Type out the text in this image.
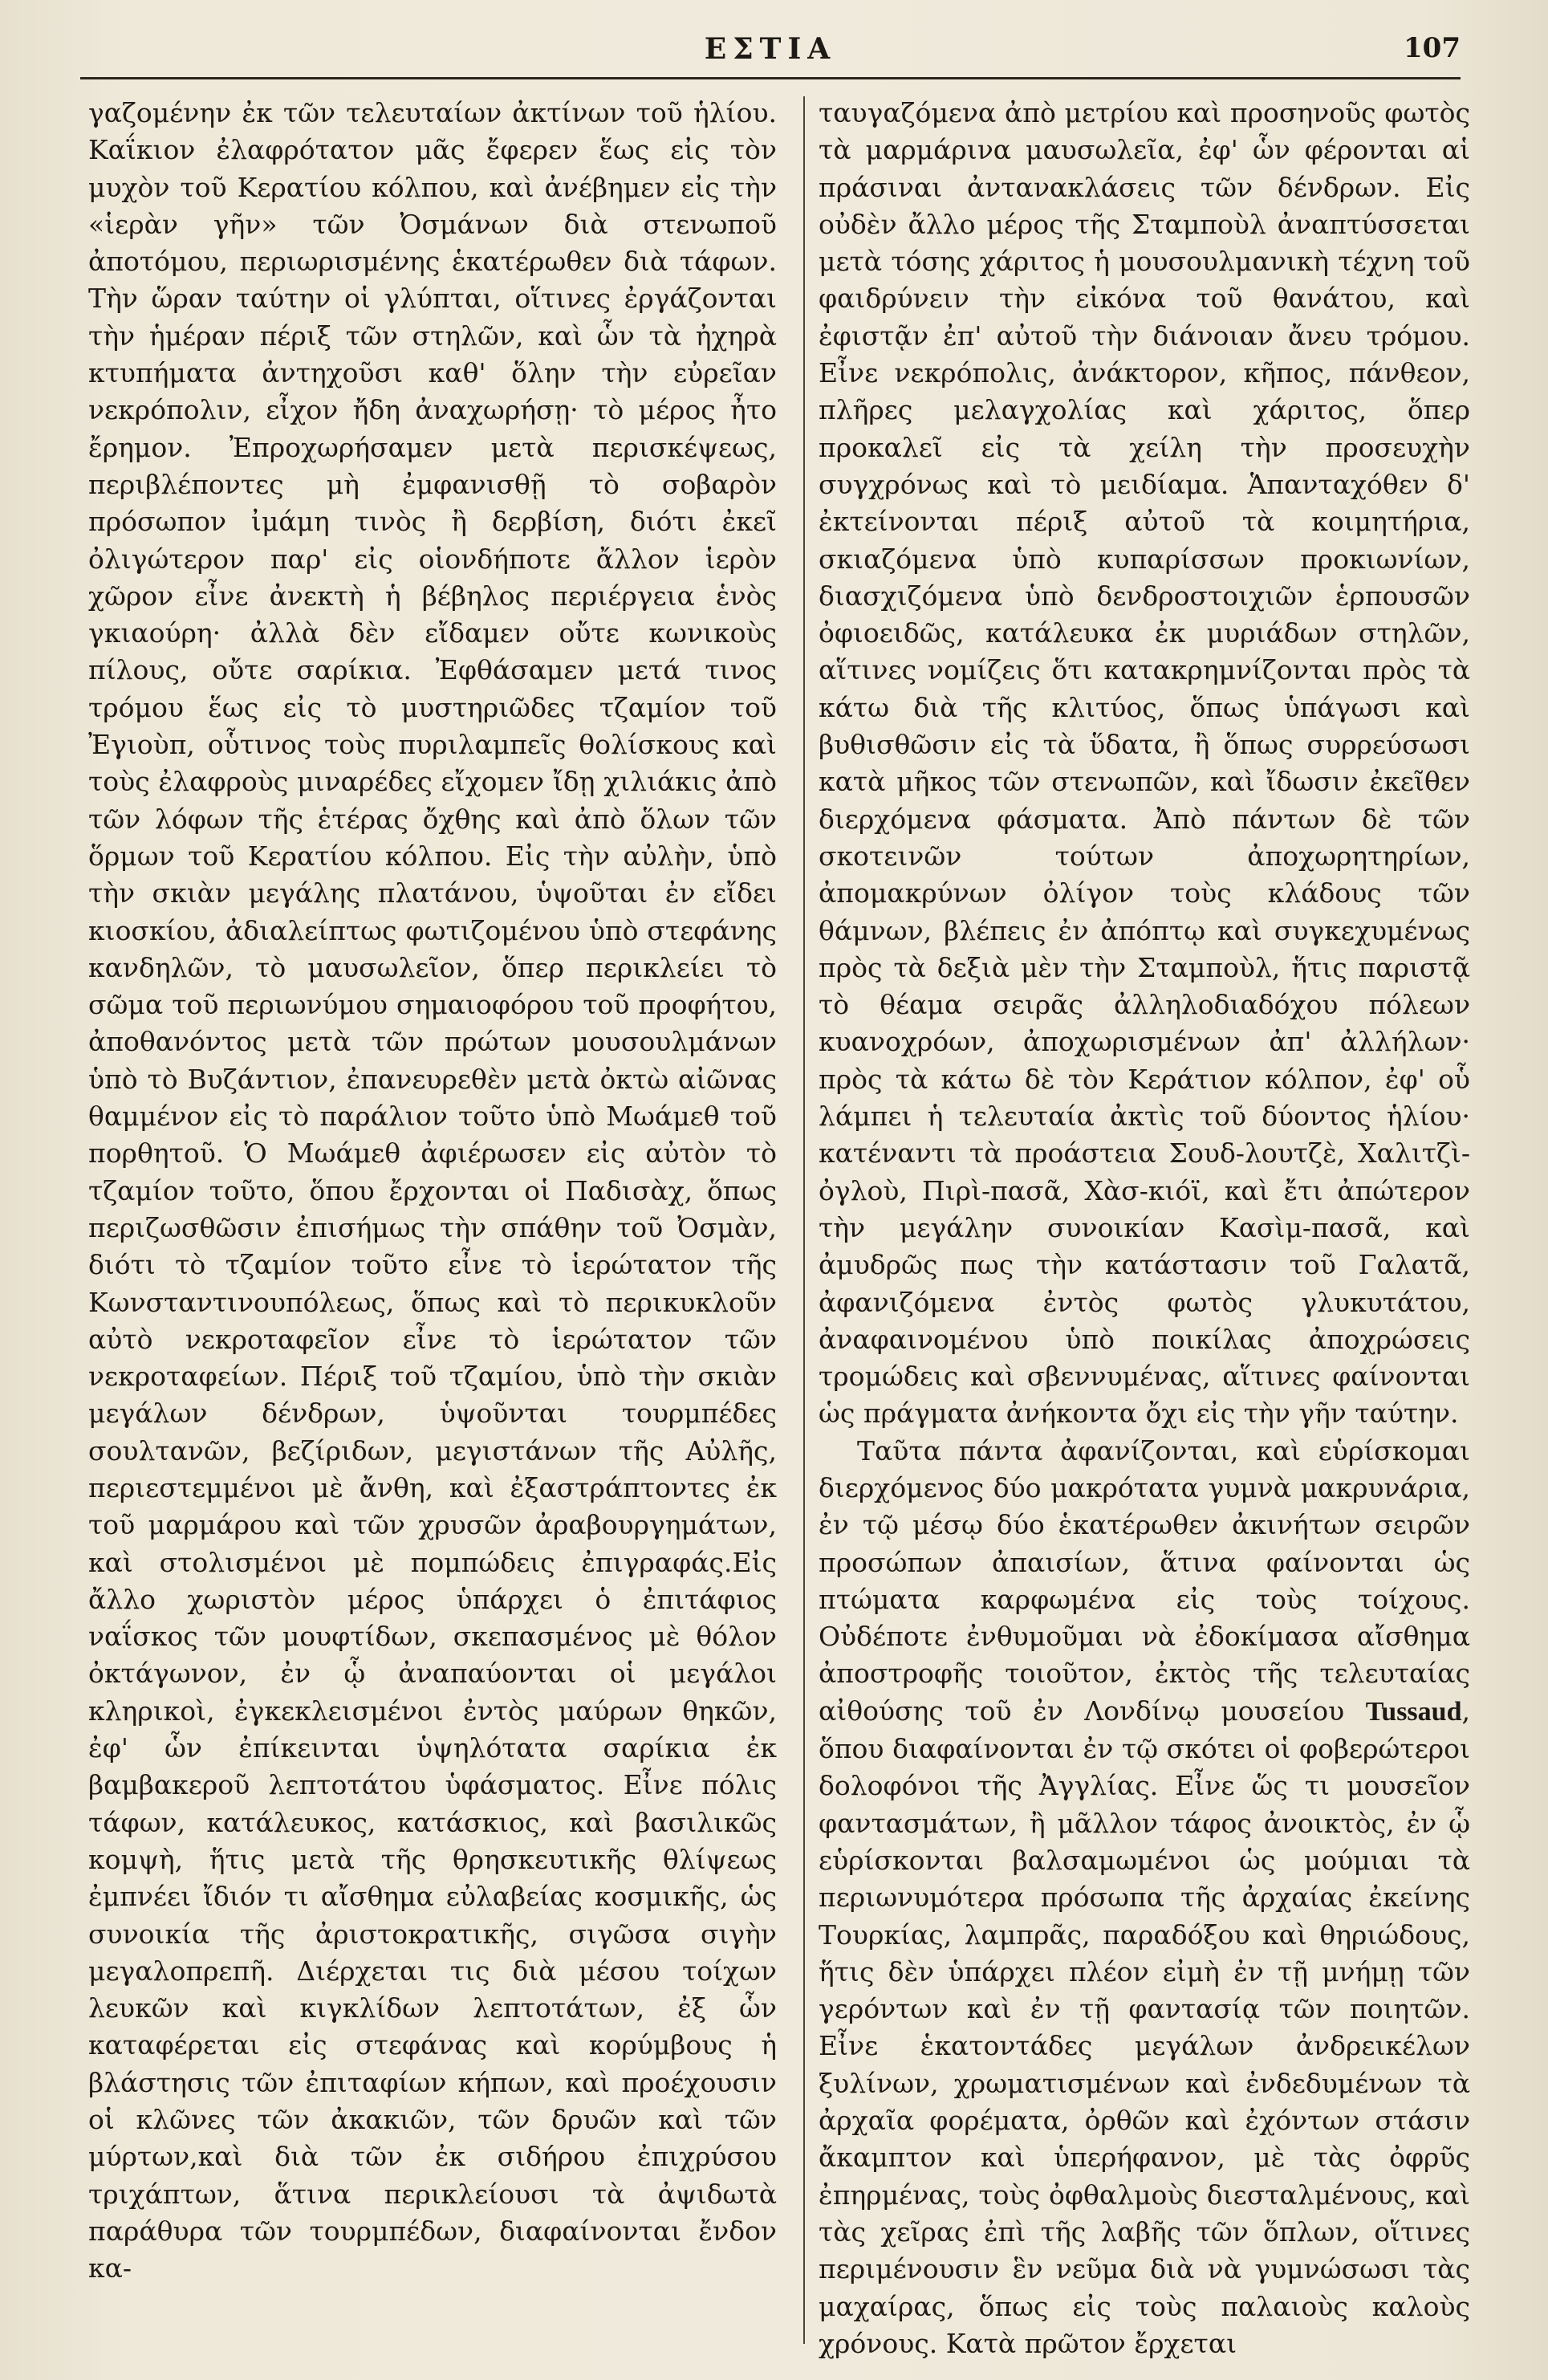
ΕΣΤΙΑ	107

γαζομένην ἐκ τῶν τελευταίων ἀκτίνων τοῦ ἡλίου. Καΐκιον ἐλαφρότατον μᾶς ἔφερεν ἕως εἰς τὸν μυχὸν τοῦ Κερατίου κόλπου, καὶ ἀνέβημεν εἰς τὴν «ἱερὰν γῆν» τῶν Ὀσμάνων διὰ στενωποῦ ἀποτόμου, περιωρισμένης ἑκατέρωθεν διὰ τάφων. Τὴν ὥραν ταύτην οἱ γλύπται, οἵτινες ἐργάζονται τὴν ἡμέραν πέριξ τῶν στηλῶν, καὶ ὧν τὰ ἠχηρὰ κτυπήματα ἀντηχοῦσι καθ' ὅλην τὴν εὐρεῖαν νεκρόπολιν, εἶχον ἤδη ἀναχωρήσῃ· τὸ μέρος ἦτο ἔρημον. Ἐπροχωρήσαμεν μετὰ περισκέψεως, περιβλέποντες μὴ ἐμφανισθῇ τὸ σοβαρὸν πρόσωπον ἰμάμη τινὸς ἢ δερβίση, διότι ἐκεῖ ὀλιγώτερον παρ' εἰς οἱονδήποτε ἄλλον ἱερὸν χῶρον εἶνε ἀνεκτὴ ἡ βέβηλος περιέργεια ἑνὸς γκιαούρη· ἀλλὰ δὲν εἴδαμεν οὔτε κωνικοὺς πίλους, οὔτε σαρίκια. Ἐφθάσαμεν μετά τινος τρόμου ἕως εἰς τὸ μυστηριῶδες τζαμίον τοῦ Ἐγιοὺπ, οὗτινος τοὺς πυριλαμπεῖς θολίσκους καὶ τοὺς ἐλαφροὺς μιναρέδες εἴχομεν ἴδῃ χιλιάκις ἀπὸ τῶν λόφων τῆς ἑτέρας ὄχθης καὶ ἀπὸ ὅλων τῶν ὅρμων τοῦ Κερατίου κόλπου. Εἰς τὴν αὐλὴν, ὑπὸ τὴν σκιὰν μεγάλης πλατάνου, ὑψοῦται ἐν εἴδει κιοσκίου, ἀδιαλείπτως φωτιζομένου ὑπὸ στεφάνης κανδηλῶν, τὸ μαυσωλεῖον, ὅπερ περικλείει τὸ σῶμα τοῦ περιωνύμου σημαιοφόρου τοῦ προφήτου, ἀποθανόντος μετὰ τῶν πρώτων μουσουλμάνων ὑπὸ τὸ Βυζάντιον, ἐπανευρεθὲν μετὰ ὀκτὼ αἰῶνας θαμμένον εἰς τὸ παράλιον τοῦτο ὑπὸ Μωάμεθ τοῦ πορθητοῦ. Ὁ Μωάμεθ ἀφιέρωσεν εἰς αὐτὸν τὸ τζαμίον τοῦτο, ὅπου ἔρχονται οἱ Παδισὰχ, ὅπως περιζωσθῶσιν ἐπισήμως τὴν σπάθην τοῦ Ὀσμὰν, διότι τὸ τζαμίον τοῦτο εἶνε τὸ ἱερώτατον τῆς Κωνσταντινουπόλεως, ὅπως καὶ τὸ περικυκλοῦν αὐτὸ νεκροταφεῖον εἶνε τὸ ἱερώτατον τῶν νεκροταφείων. Πέριξ τοῦ τζαμίου, ὑπὸ τὴν σκιὰν μεγάλων δένδρων, ὑψοῦνται τουρμπέδες σουλτανῶν, βεζίριδων, μεγιστάνων τῆς Αὐλῆς, περιεστεμμένοι μὲ ἄνθη, καὶ ἐξαστράπτοντες ἐκ τοῦ μαρμάρου καὶ τῶν χρυσῶν ἀραβουργημάτων, καὶ στολισμένοι μὲ πομπώδεις ἐπιγραφάς.Εἰς ἄλλο χωριστὸν μέρος ὑπάρχει ὁ ἐπιτάφιος ναΐσκος τῶν μουφτίδων, σκεπασμένος μὲ θόλον ὀκτάγωνον, ἐν ᾧ ἀναπαύονται οἱ μεγάλοι κληρικοὶ, ἐγκεκλεισμένοι ἐντὸς μαύρων θηκῶν, ἐφ' ὧν ἐπίκεινται ὑψηλότατα σαρίκια ἐκ βαμβακεροῦ λεπτοτάτου ὑφάσματος. Εἶνε πόλις τάφων, κατάλευκος, κατάσκιος, καὶ βασιλικῶς κομψὴ, ἥτις μετὰ τῆς θρησκευτικῆς θλίψεως ἐμπνέει ἴδιόν τι αἴσθημα εὐλαβείας κοσμικῆς, ὡς συνοικία τῆς ἀριστοκρατικῆς, σιγῶσα σιγὴν μεγαλοπρεπῆ. Διέρχεται τις διὰ μέσου τοίχων λευκῶν καὶ κιγκλίδων λεπτοτάτων, ἐξ ὧν καταφέρεται εἰς στεφάνας καὶ κορύμβους ἡ βλάστησις τῶν ἐπιταφίων κήπων, καὶ προέχουσιν οἱ κλῶνες τῶν ἀκακιῶν, τῶν δρυῶν καὶ τῶν μύρτων,καὶ διὰ τῶν ἐκ σιδήρου ἐπιχρύσου τριχάπτων, ἅτινα περικλείουσι τὰ ἀψιδωτὰ παράθυρα τῶν τουρμπέδων, διαφαίνονται ἔνδον κα-

ταυγαζόμενα ἀπὸ μετρίου καὶ προσηνοῦς φωτὸς τὰ μαρμάρινα μαυσωλεῖα, ἐφ' ὧν φέρονται αἱ πράσιναι ἀντανακλάσεις τῶν δένδρων. Εἰς οὐδὲν ἄλλο μέρος τῆς Σταμποὺλ ἀναπτύσσεται μετὰ τόσης χάριτος ἡ μουσουλμανικὴ τέχνη τοῦ φαιδρύνειν τὴν εἰκόνα τοῦ θανάτου, καὶ ἐφιστᾷν ἐπ' αὐτοῦ τὴν διάνοιαν ἄνευ τρόμου. Εἶνε νεκρόπολις, ἀνάκτορον, κῆπος, πάνθεον, πλῆρες μελαγχολίας καὶ χάριτος, ὅπερ προκαλεῖ εἰς τὰ χείλη τὴν προσευχὴν συγχρόνως καὶ τὸ μειδίαμα. Ἁπανταχόθεν δ' ἐκτείνονται πέριξ αὐτοῦ τὰ κοιμητήρια, σκιαζόμενα ὑπὸ κυπαρίσσων προκιωνίων, διασχιζόμενα ὑπὸ δενδροστοιχιῶν ἑρπουσῶν ὀφιοειδῶς, κατάλευκα ἐκ μυριάδων στηλῶν, αἵτινες νομίζεις ὅτι κατακρημνίζονται πρὸς τὰ κάτω διὰ τῆς κλιτύος, ὅπως ὑπάγωσι καὶ βυθισθῶσιν εἰς τὰ ὕδατα, ἢ ὅπως συρρεύσωσι κατὰ μῆκος τῶν στενωπῶν, καὶ ἴδωσιν ἐκεῖθεν διερχόμενα φάσματα. Ἀπὸ πάντων δὲ τῶν σκοτεινῶν τούτων ἀποχωρητηρίων, ἀπομακρύνων ὀλίγον τοὺς κλάδους τῶν θάμνων, βλέπεις ἐν ἀπόπτῳ καὶ συγκεχυμένως πρὸς τὰ δεξιὰ μὲν τὴν Σταμποὺλ, ἥτις παριστᾷ τὸ θέαμα σειρᾶς ἀλληλοδιαδόχου πόλεων κυανοχρόων, ἀποχωρισμένων ἀπ' ἀλλήλων· πρὸς τὰ κάτω δὲ τὸν Κεράτιον κόλπον, ἐφ' οὗ λάμπει ἡ τελευταία ἀκτὶς τοῦ δύοντος ἡλίου· κατέναντι τὰ προάστεια Σουδ-λουτζὲ, Χαλιτζὶ-ὀγλοὺ, Πιρὶ-πασᾶ, Χὰσ-κιόϊ, καὶ ἔτι ἀπώτερον τὴν μεγάλην συνοικίαν Κασὶμ-πασᾶ, καὶ ἀμυδρῶς πως τὴν κατάστασιν τοῦ Γαλατᾶ, ἀφανιζόμενα ἐντὸς φωτὸς γλυκυτάτου, ἀναφαινομένου ὑπὸ ποικίλας ἀποχρώσεις τρομώδεις καὶ σβεννυμένας, αἵτινες φαίνονται ὡς πράγματα ἀνήκοντα ὄχι εἰς τὴν γῆν ταύτην.

Ταῦτα πάντα ἀφανίζονται, καὶ εὑρίσκομαι διερχόμενος δύο μακρότατα γυμνὰ μακρυνάρια, ἐν τῷ μέσῳ δύο ἑκατέρωθεν ἀκινήτων σειρῶν προσώπων ἀπαισίων, ἅτινα φαίνονται ὡς πτώματα καρφωμένα εἰς τοὺς τοίχους. Οὐδέποτε ἐνθυμοῦμαι νὰ ἐδοκίμασα αἴσθημα ἀποστροφῆς τοιοῦτον, ἐκτὸς τῆς τελευταίας αἰθούσης τοῦ ἐν Λονδίνῳ μουσείου Tussaud, ὅπου διαφαίνονται ἐν τῷ σκότει οἱ φοβερώτεροι δολοφόνοι τῆς Ἀγγλίας. Εἶνε ὥς τι μουσεῖον φαντασμάτων, ἢ μᾶλλον τάφος ἀνοικτὸς, ἐν ᾧ εὑρίσκονται βαλσαμωμένοι ὡς μούμιαι τὰ περιωνυμότερα πρόσωπα τῆς ἀρχαίας ἐκείνης Τουρκίας, λαμπρᾶς, παραδόξου καὶ θηριώδους, ἥτις δὲν ὑπάρχει πλέον εἰμὴ ἐν τῇ μνήμῃ τῶν γερόντων καὶ ἐν τῇ φαντασίᾳ τῶν ποιητῶν. Εἶνε ἑκατοντάδες μεγάλων ἀνδρεικέλων ξυλίνων, χρωματισμένων καὶ ἐνδεδυμένων τὰ ἀρχαῖα φορέματα, ὀρθῶν καὶ ἐχόντων στάσιν ἄκαμπτον καὶ ὑπερήφανον, μὲ τὰς ὀφρῦς ἐπηρμένας, τοὺς ὀφθαλμοὺς διεσταλμένους, καὶ τὰς χεῖρας ἐπὶ τῆς λαβῆς τῶν ὅπλων, οἵτινες περιμένουσιν ἓν νεῦμα διὰ νὰ γυμνώσωσι τὰς μαχαίρας, ὅπως εἰς τοὺς παλαιοὺς καλοὺς χρόνους. Κατὰ πρῶτον ἔρχεται
